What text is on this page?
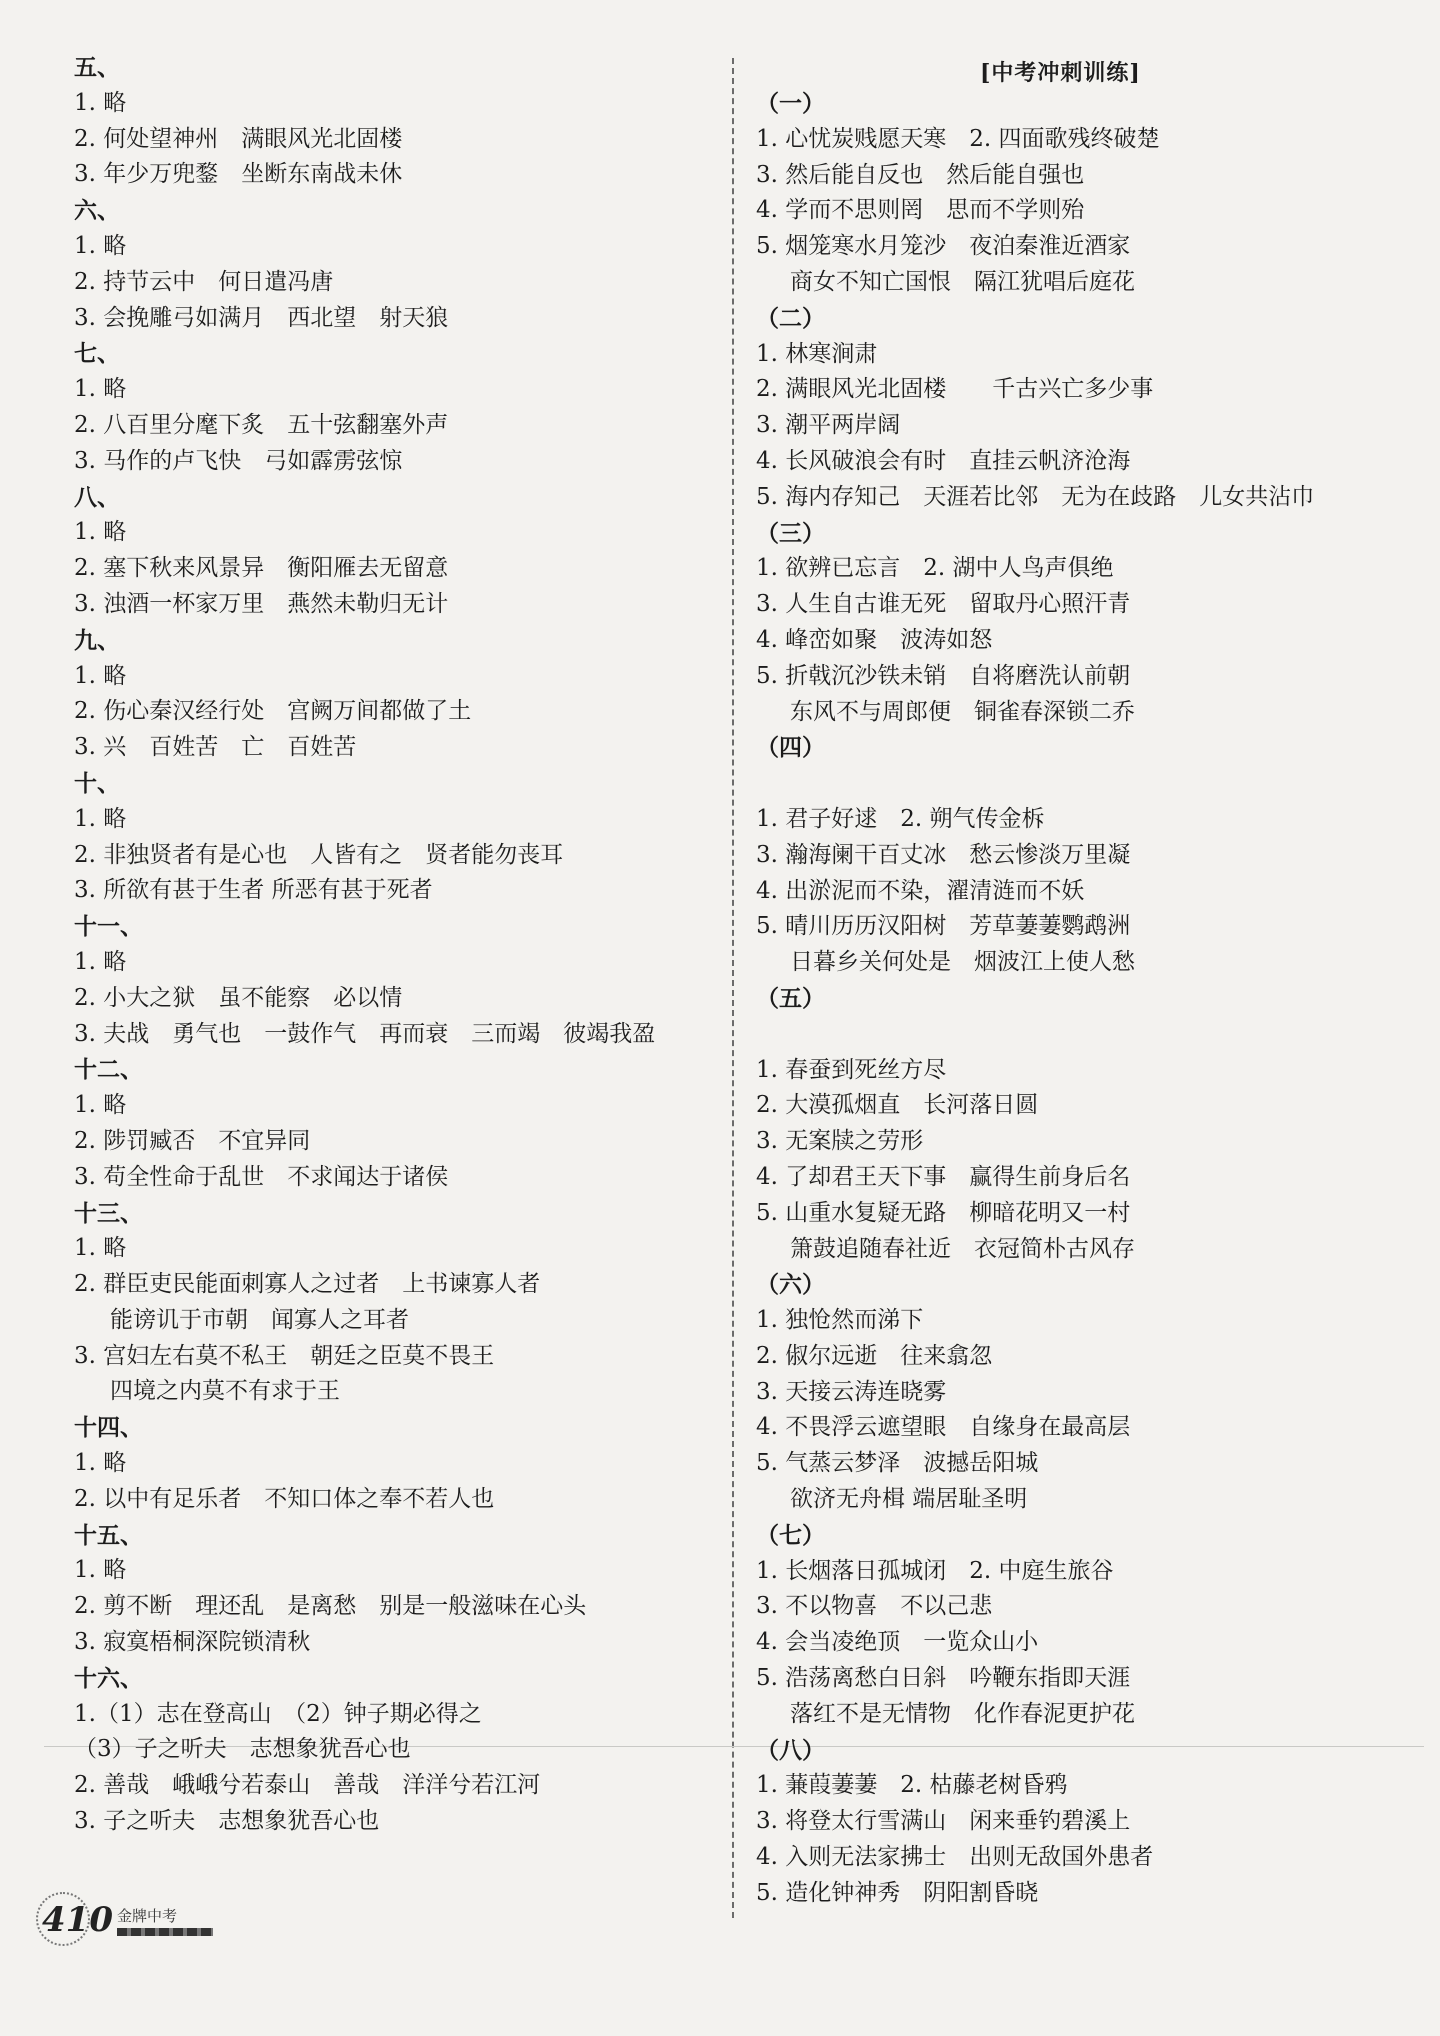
[中考冲刺训练]
五、
1. 略
2. 何处望神州　满眼风光北固楼
3. 年少万兜鍪　坐断东南战未休
六、
1. 略
2. 持节云中　何日遣冯唐
3. 会挽雕弓如满月　西北望　射天狼
七、
1. 略
2. 八百里分麾下炙　五十弦翻塞外声
3. 马作的卢飞快　弓如霹雳弦惊
八、
1. 略
2. 塞下秋来风景异　衡阳雁去无留意
3. 浊酒一杯家万里　燕然未勒归无计
九、
1. 略
2. 伤心秦汉经行处　宫阙万间都做了土
3. 兴　百姓苦　亡　百姓苦
十、
1. 略
2. 非独贤者有是心也　人皆有之　贤者能勿丧耳
3. 所欲有甚于生者 所恶有甚于死者
十一、
1. 略
2. 小大之狱　虽不能察　必以情
3. 夫战　勇气也　一鼓作气　再而衰　三而竭　彼竭我盈
十二、
1. 略
2. 陟罚臧否　不宜异同
3. 苟全性命于乱世　不求闻达于诸侯
十三、
1. 略
2. 群臣吏民能面刺寡人之过者　上书谏寡人者
能谤讥于市朝　闻寡人之耳者
3. 宫妇左右莫不私王　朝廷之臣莫不畏王
四境之内莫不有求于王
十四、
1. 略
2. 以中有足乐者　不知口体之奉不若人也
十五、
1. 略
2. 剪不断　理还乱　是离愁　别是一般滋味在心头
3. 寂寞梧桐深院锁清秋
十六、
1.（1）志在登高山　（2）钟子期必得之
（3）子之听夫　志想象犹吾心也
2. 善哉　峨峨兮若泰山　善哉　洋洋兮若江河
3. 子之听夫　志想象犹吾心也
（一）
1. 心忧炭贱愿天寒　2. 四面歌残终破楚
3. 然后能自反也　然后能自强也
4. 学而不思则罔　思而不学则殆
5. 烟笼寒水月笼沙　夜泊秦淮近酒家
商女不知亡国恨　隔江犹唱后庭花
（二）
1. 林寒涧肃
2. 满眼风光北固楼　　千古兴亡多少事
3. 潮平两岸阔
4. 长风破浪会有时　直挂云帆济沧海
5. 海内存知己　天涯若比邻　无为在歧路　儿女共沾巾
（三）
1. 欲辨已忘言　2. 湖中人鸟声俱绝
3. 人生自古谁无死　留取丹心照汗青
4. 峰峦如聚　波涛如怒
5. 折戟沉沙铁未销　自将磨洗认前朝
东风不与周郎便　铜雀春深锁二乔
（四）
1. 君子好逑　2. 朔气传金柝
3. 瀚海阑干百丈冰　愁云惨淡万里凝
4. 出淤泥而不染，濯清涟而不妖
5. 晴川历历汉阳树　芳草萋萋鹦鹉洲
日暮乡关何处是　烟波江上使人愁
（五）
1. 春蚕到死丝方尽
2. 大漠孤烟直　长河落日圆
3. 无案牍之劳形
4. 了却君王天下事　赢得生前身后名
5. 山重水复疑无路　柳暗花明又一村
箫鼓追随春社近　衣冠简朴古风存
（六）
1. 独怆然而涕下
2. 俶尔远逝　往来翕忽
3. 天接云涛连晓雾
4. 不畏浮云遮望眼　自缘身在最高层
5. 气蒸云梦泽　波撼岳阳城
欲济无舟楫 端居耻圣明
（七）
1. 长烟落日孤城闭　2. 中庭生旅谷
3. 不以物喜　不以己悲
4. 会当凌绝顶　一览众山小
5. 浩荡离愁白日斜　吟鞭东指即天涯
落红不是无情物　化作春泥更护花
（八）
1. 蒹葭萋萋　2. 枯藤老树昏鸦
3. 将登太行雪满山　闲来垂钓碧溪上
4. 入则无法家拂士　出则无敌国外患者
5. 造化钟神秀　阴阳割昏晓
410 金牌中考
